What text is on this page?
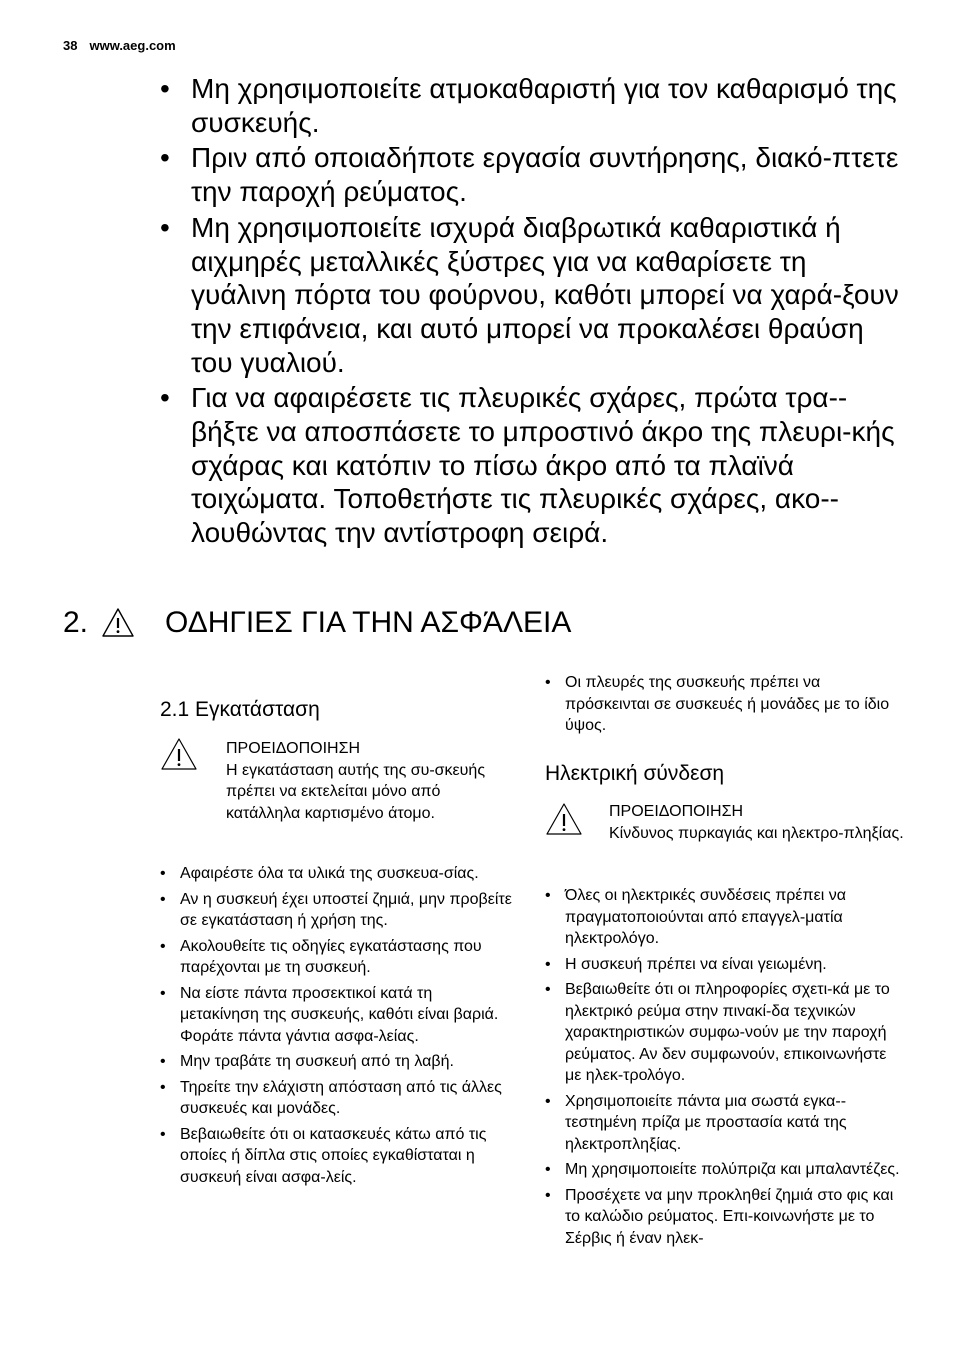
38 www.aeg.com
• Μη χρησιμοποιείτε ατμοκαθαριστή για τον καθαρισμό της συσκευής.
• Πριν από οποιαδήποτε εργασία συντήρησης, διακό-πτετε την παροχή ρεύματος.
• Μη χρησιμοποιείτε ισχυρά διαβρωτικά καθαριστικά ή αιχμηρές μεταλλικές ξύστρες για να καθαρίσετε τη γυάλινη πόρτα του φούρνου, καθότι μπορεί να χαρά-ξουν την επιφάνεια, και αυτό μπορεί να προκαλέσει θραύση του γυαλιού.
• Για να αφαιρέσετε τις πλευρικές σχάρες, πρώτα τρα-βήξτε να αποσπάσετε το μπροστινό άκρο της πλευρι-κής σχάρας και κατόπιν το πίσω άκρο από τα πλαϊνά τοιχώματα. Τοποθετήστε τις πλευρικές σχάρες, ακο-λουθώντας την αντίστροφη σειρά.
2.	ΟΔΗΓΙΕΣ ΓΙΑ ΤΗΝ ΑΣΦΆΛΕΙΑ
2.1 Εγκατάσταση
ΠΡΟΕΙΔΟΠΟΙΗΣΗ
Η εγκατάσταση αυτής της συ-σκευής πρέπει να εκτελείται μόνο από κατάλληλα καρτισμένο άτομο.
• Αφαιρέστε όλα τα υλικά της συσκευα-σίας.
• Αν η συσκευή έχει υποστεί ζημιά, μην προβείτε σε εγκατάσταση ή χρήση της.
• Ακολουθείτε τις οδηγίες εγκατάστασης που παρέχονται με τη συσκευή.
• Να είστε πάντα προσεκτικοί κατά τη μετακίνηση της συσκευής, καθότι είναι βαριά. Φοράτε πάντα γάντια ασφα-λείας.
• Μην τραβάτε τη συσκευή από τη λαβή.
• Τηρείτε την ελάχιστη απόσταση από τις άλλες συσκευές και μονάδες.
• Βεβαιωθείτε ότι οι κατασκευές κάτω από τις οποίες ή δίπλα στις οποίες εγκαθίσταται η συσκευή είναι ασφα-λείς.
• Οι πλευρές της συσκευής πρέπει να πρόσκεινται σε συσκευές ή μονάδες με το ίδιο ύψος.
Ηλεκτρική σύνδεση
ΠΡΟΕΙΔΟΠΟΙΗΣΗ
Κίνδυνος πυρκαγιάς και ηλεκτρο-πληξίας.
• Όλες οι ηλεκτρικές συνδέσεις πρέπει να πραγματοποιούνται από επαγγελ-ματία ηλεκτρολόγο.
• Η συσκευή πρέπει να είναι γειωμένη.
• Βεβαιωθείτε ότι οι πληροφορίες σχετι-κά με το ηλεκτρικό ρεύμα στην πινακί-δα τεχνικών χαρακτηριστικών συμφω-νούν με την παροχή ρεύματος. Αν δεν συμφωνούν, επικοινωνήστε με ηλεκ-τρολόγο.
• Χρησιμοποιείτε πάντα μια σωστά εγκα-τεστημένη πρίζα με προστασία κατά της ηλεκτροπληξίας.
• Μη χρησιμοποιείτε πολύπριζα και μπαλαντέζες.
• Προσέχετε να μην προκληθεί ζημιά στο φις και το καλώδιο ρεύματος. Επι-κοινωνήστε με το Σέρβις ή έναν ηλεκ-
